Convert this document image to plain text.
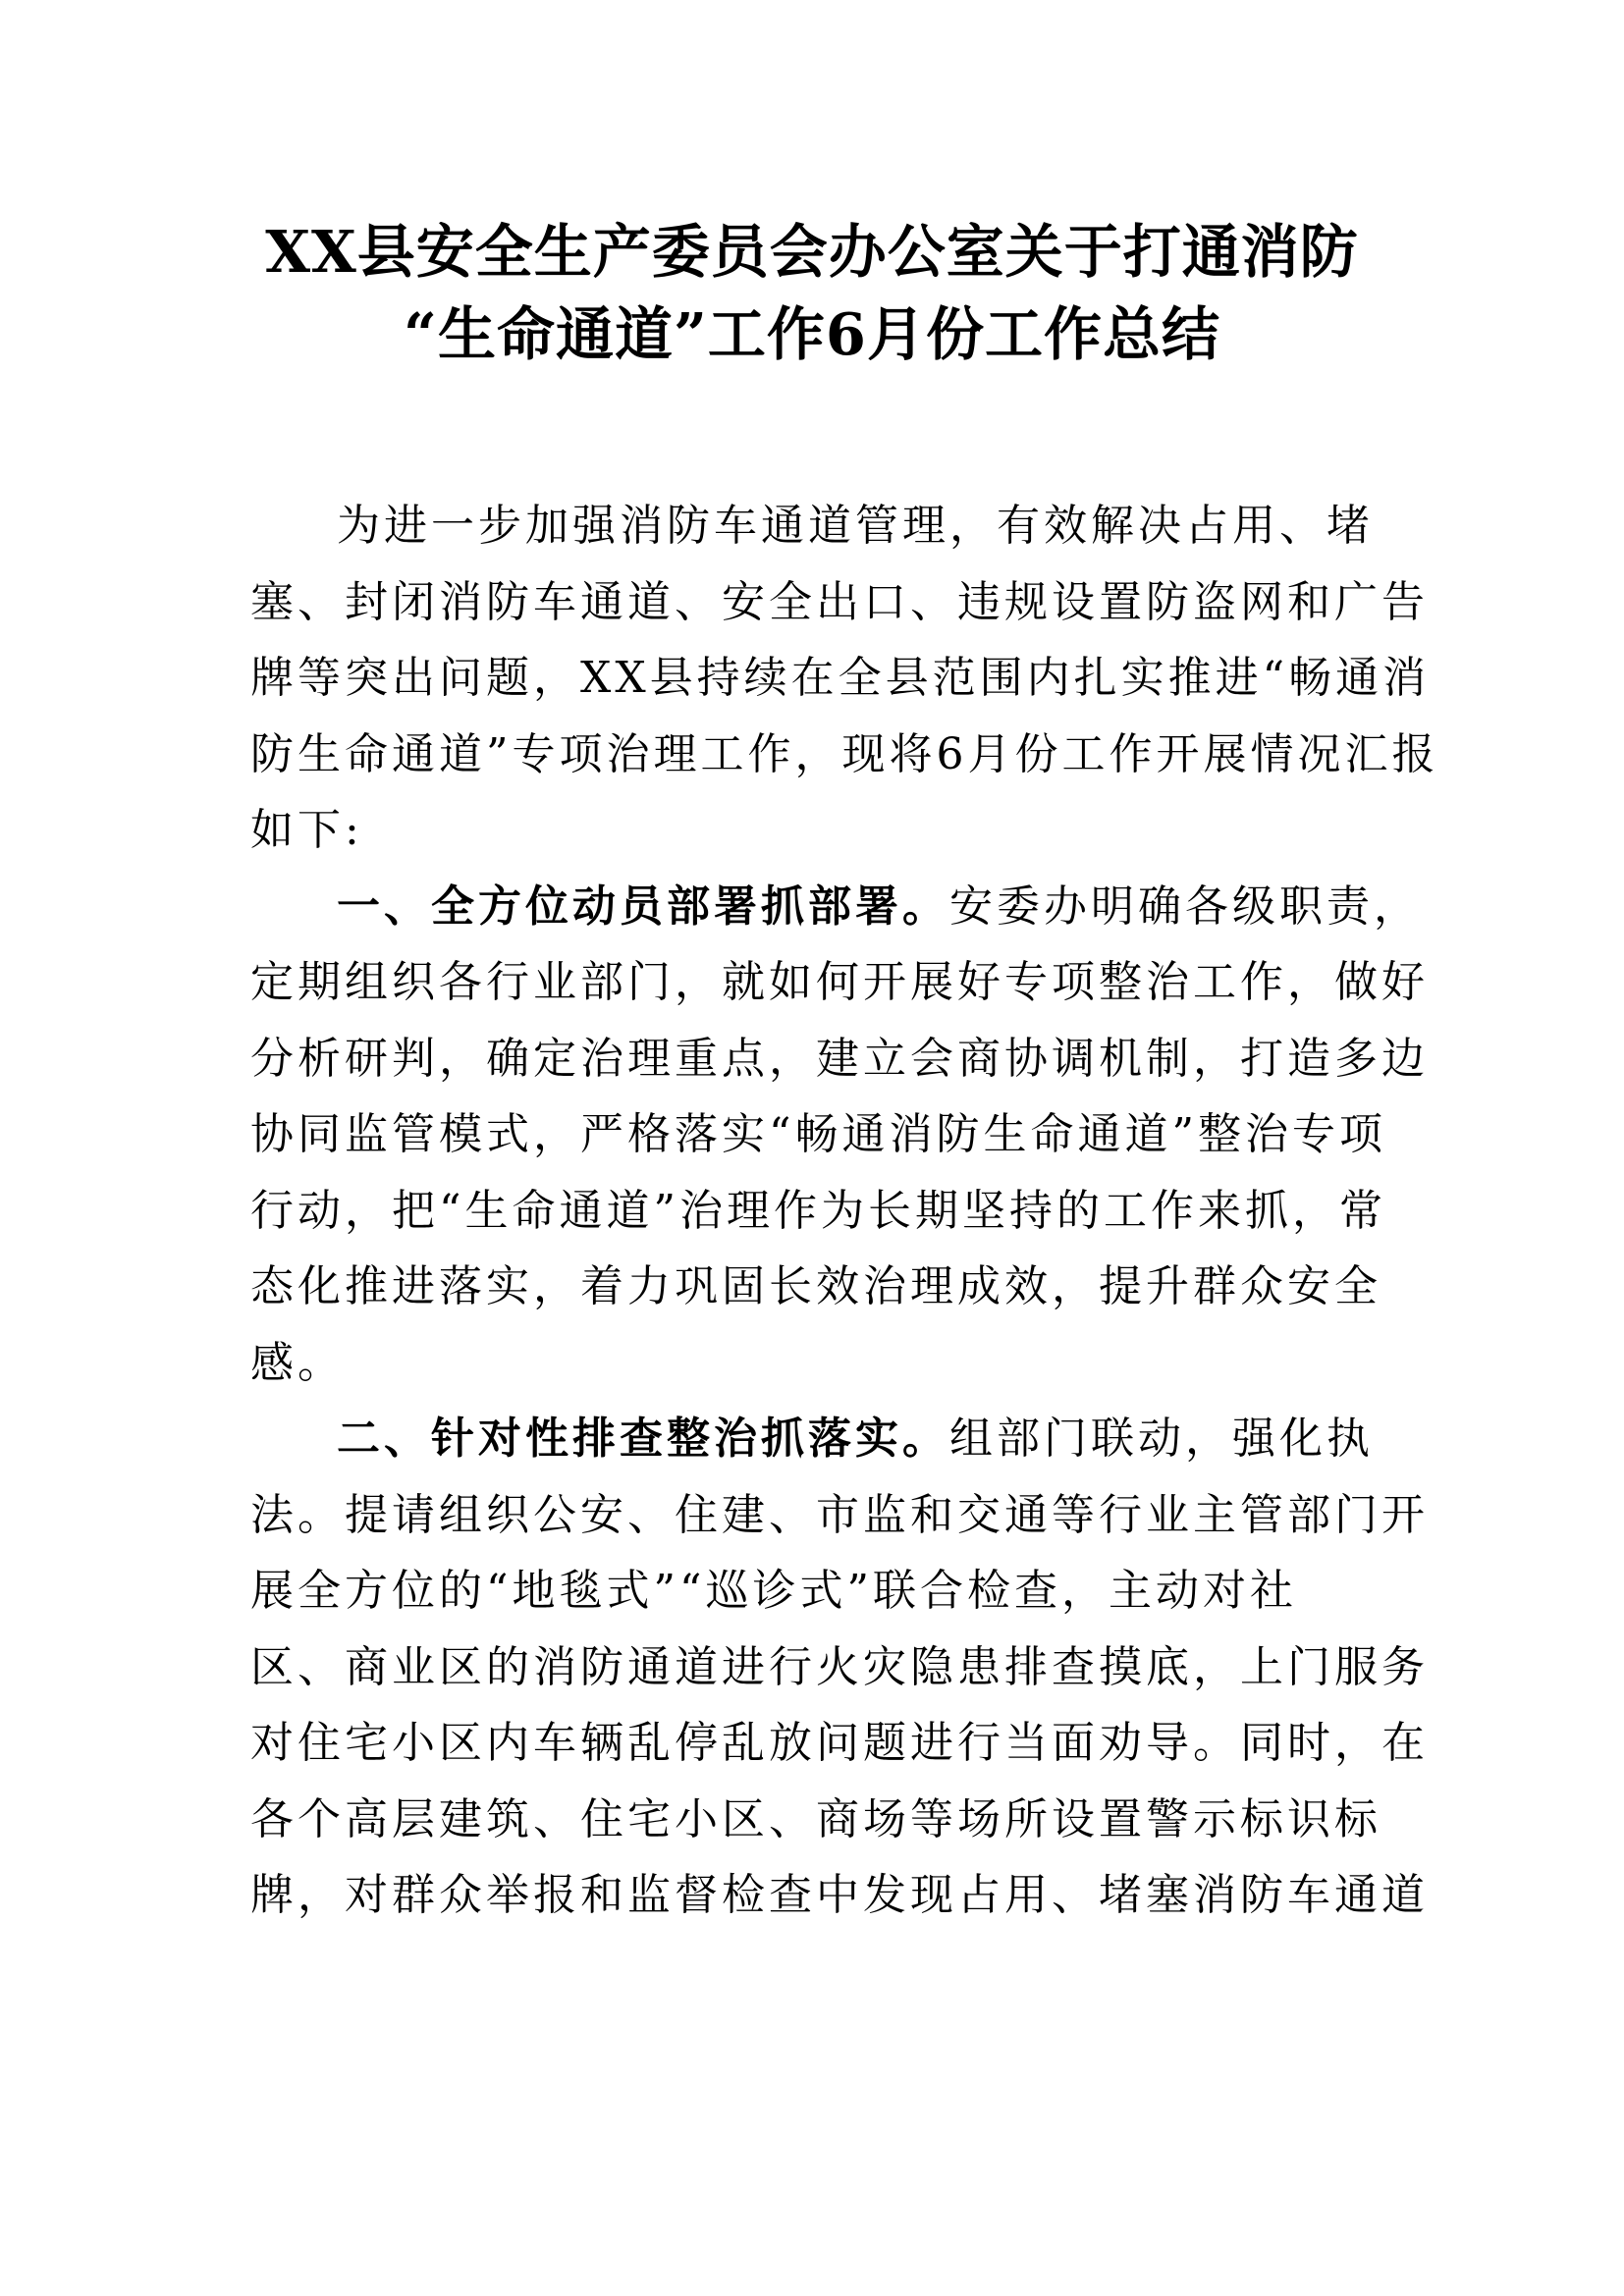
XX县安全生产委员会办公室关于打通消防
“生命通道”工作6月份工作总结
为进一步加强消防车通道管理，有效解决占用、堵
塞、封闭消防车通道、安全出口、违规设置防盗网和广告
牌等突出问题，XX县持续在全县范围内扎实推进“畅通消
防生命通道”专项治理工作，现将6月份工作开展情况汇报
如下:
一、全方位动员部署抓部署。安委办明确各级职责，
定期组织各行业部门，就如何开展好专项整治工作，做好
分析研判，确定治理重点，建立会商协调机制，打造多边
协同监管模式，严格落实“畅通消防生命通道”整治专项
行动，把“生命通道”治理作为长期坚持的工作来抓，常
态化推进落实，着力巩固长效治理成效，提升群众安全
感。
二、针对性排查整治抓落实。组部门联动，强化执
法。提请组织公安、住建、市监和交通等行业主管部门开
展全方位的“地毯式”“巡诊式”联合检查，主动对社
区、商业区的消防通道进行火灾隐患排查摸底，上门服务
对住宅小区内车辆乱停乱放问题进行当面劝导。同时，在
各个高层建筑、住宅小区、商场等场所设置警示标识标
牌，对群众举报和监督检查中发现占用、堵塞消防车通道
